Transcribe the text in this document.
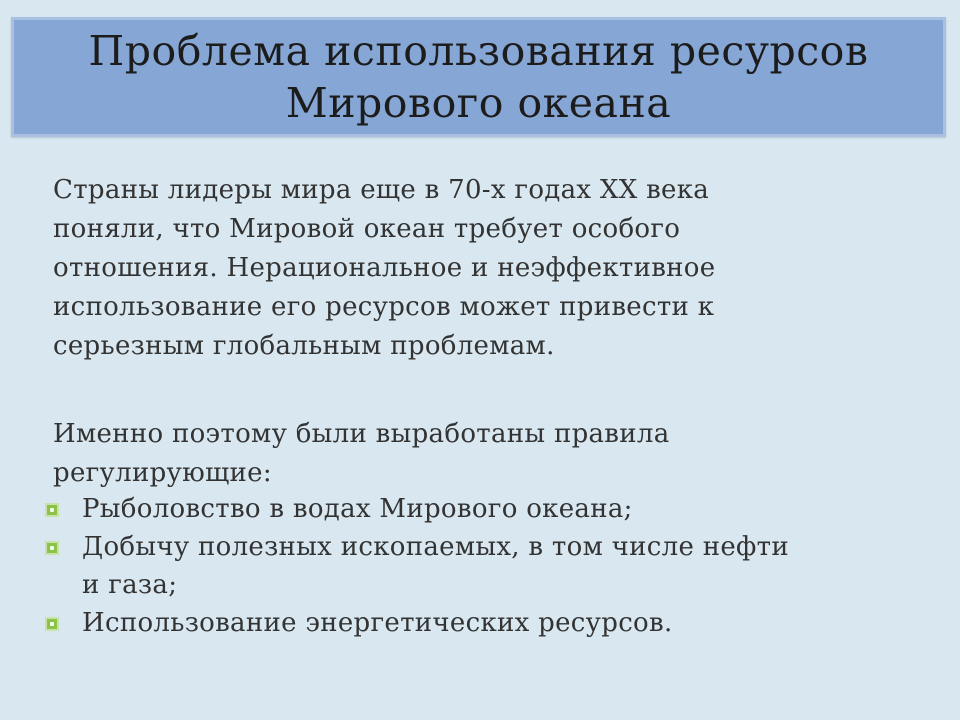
Проблема использования ресурсов
Мирового океана
Страны лидеры мира еще в 70-х годах XX века
поняли, что Мировой океан требует особого
отношения. Нерациональное и неэффективное
использование его ресурсов может привести к
серьезным глобальным проблемам.
Именно поэтому были выработаны правила
регулирующие:
Рыболовство в водах Мирового океана;
Добычу полезных ископаемых, в том числе нефти
и газа;
Использование энергетических ресурсов.
